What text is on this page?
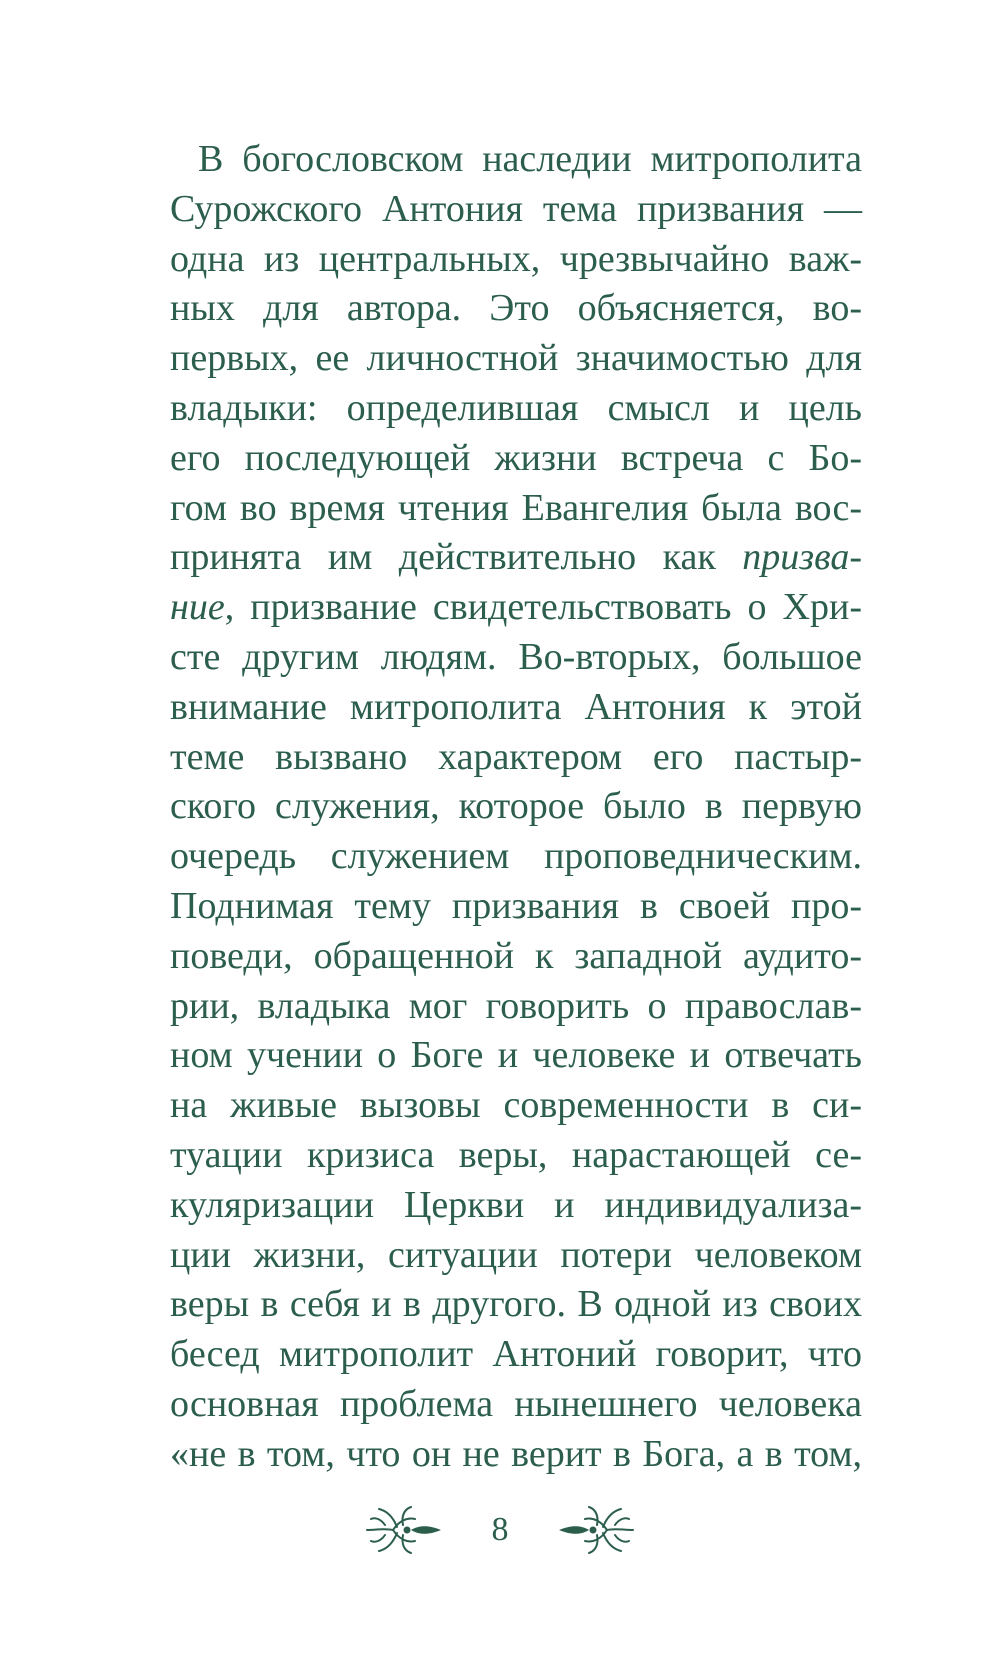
В богословском наследии митрополита
Сурожского Антония тема призвания —
одна из центральных, чрезвычайно важ-
ных для автора. Это объясняется, во-
первых, ее личностной значимостью для
владыки: определившая смысл и цель
его последующей жизни встреча с Бо-
гом во время чтения Евангелия была вос-
принята им действительно как призва-
ние, призвание свидетельствовать о Хри-
сте другим людям. Во-вторых, большое
внимание митрополита Антония к этой
теме вызвано характером его пастыр-
ского служения, которое было в первую
очередь служением проповедническим.
Поднимая тему призвания в своей про-
поведи, обращенной к западной аудито-
рии, владыка мог говорить о православ-
ном учении о Боге и человеке и отвечать
на живые вызовы современности в си-
туации кризиса веры, нарастающей се-
куляризации Церкви и индивидуализа-
ции жизни, ситуации потери человеком
веры в себя и в другого. В одной из своих
бесед митрополит Антоний говорит, что
основная проблема нынешнего человека
«не в том, что он не верит в Бога, а в том,
8
